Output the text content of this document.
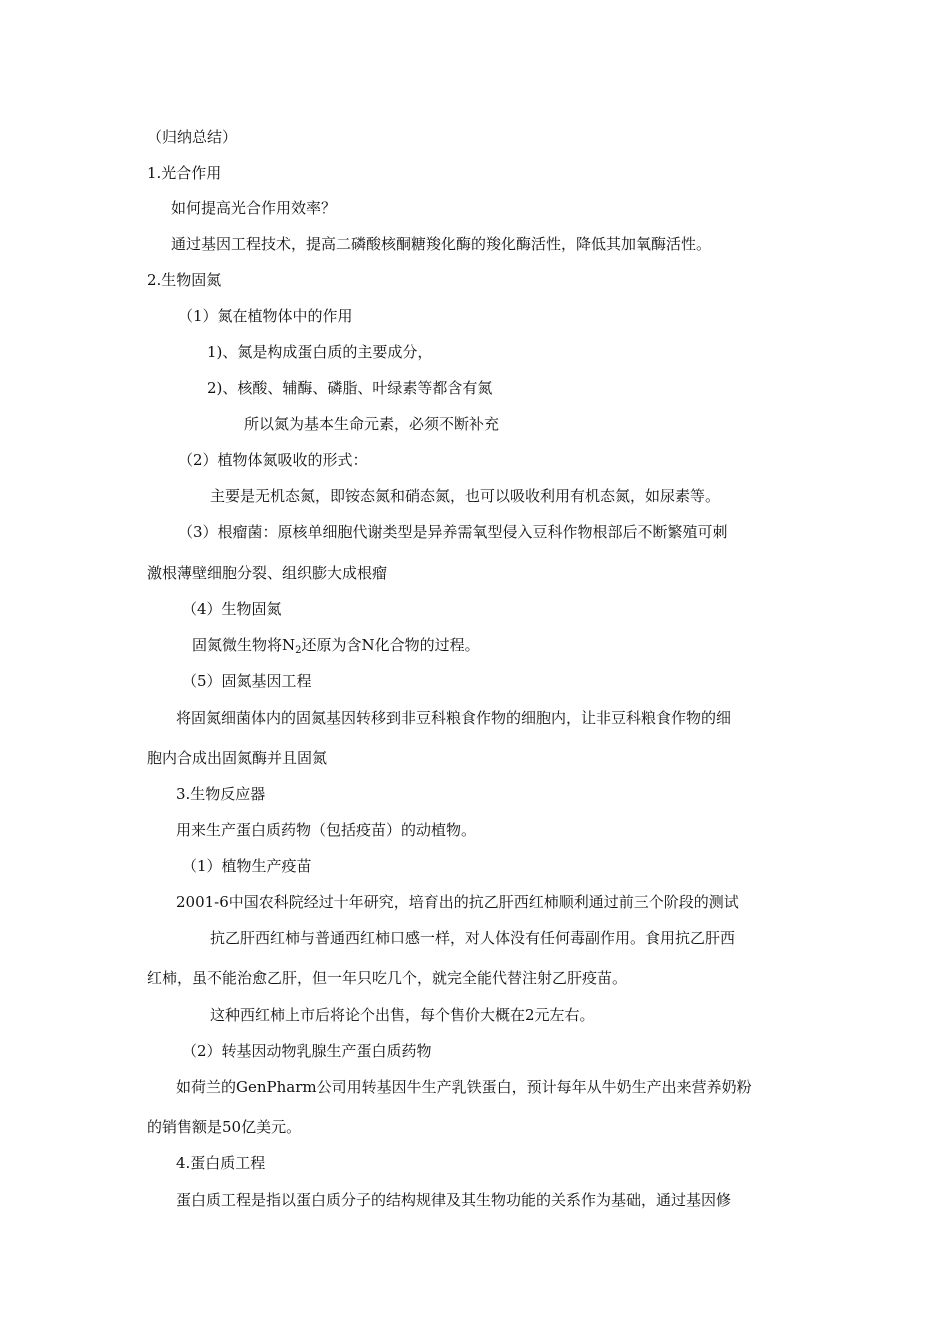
（归纳总结）
1.光合作用
如何提高光合作用效率？
通过基因工程技术，提高二磷酸核酮糖羧化酶的羧化酶活性，降低其加氧酶活性。
2.生物固氮
（1）氮在植物体中的作用
1)、氮是构成蛋白质的主要成分，
2)、核酸、辅酶、磷脂、叶绿素等都含有氮
所以氮为基本生命元素，必须不断补充
（2）植物体氮吸收的形式：
主要是无机态氮，即铵态氮和硝态氮，也可以吸收利用有机态氮，如尿素等。
（3）根瘤菌：原核单细胞代谢类型是异养需氧型侵入豆科作物根部后不断繁殖可刺
激根薄壁细胞分裂、组织膨大成根瘤
（4）生物固氮
固氮微生物将$N_2$还原为含N化合物的过程。
（5）固氮基因工程
将固氮细菌体内的固氮基因转移到非豆科粮食作物的细胞内，让非豆科粮食作物的细
胞内合成出固氮酶并且固氮
3.生物反应器
用来生产蛋白质药物（包括疫苗）的动植物。
（1）植物生产疫苗
2001-6中国农科院经过十年研究，培育出的抗乙肝西红柿顺利通过前三个阶段的测试
抗乙肝西红柿与普通西红柿口感一样，对人体没有任何毒副作用。食用抗乙肝西
红柿，虽不能治愈乙肝，但一年只吃几个，就完全能代替注射乙肝疫苗。
这种西红柿上市后将论个出售，每个售价大概在2元左右。
（2）转基因动物乳腺生产蛋白质药物
如荷兰的GenPharm公司用转基因牛生产乳铁蛋白，预计每年从牛奶生产出来营养奶粉
的销售额是50亿美元。
4.蛋白质工程
蛋白质工程是指以蛋白质分子的结构规律及其生物功能的关系作为基础，通过基因修
